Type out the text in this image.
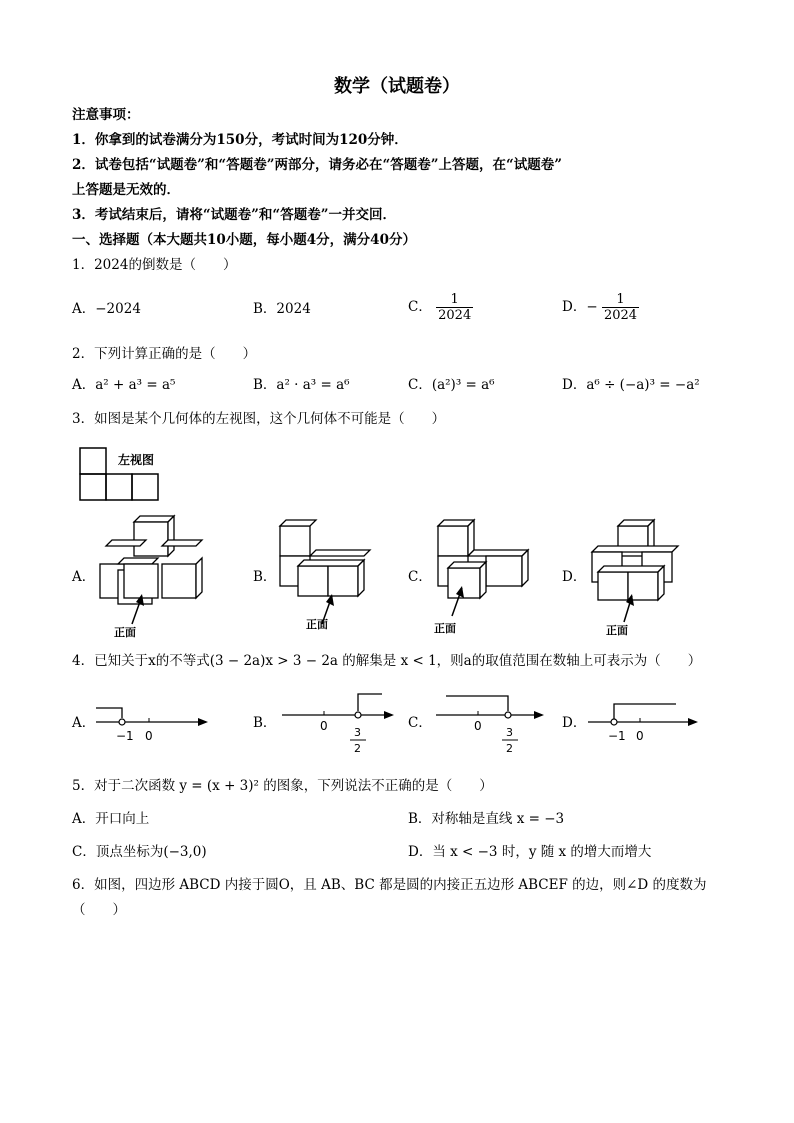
数学（试题卷）
注意事项：
1．你拿到的试卷满分为150分，考试时间为120分钟．
2．试卷包括“试题卷”和“答题卷”两部分，请务必在“答题卷”上答题，在“试题卷”
上答题是无效的．
3．考试结束后，请将“试题卷”和“答题卷”一并交回．
一、选择题（本大题共10小题，每小题4分，满分40分）
1．2024的倒数是（　　）
A．−2024	B．2024	C． $\frac{1}{2024}$	D．− $\frac{1}{2024}$
2．下列计算正确的是（　　）
A．a² + a³ = a⁵	B．a² · a³ = a⁶	C．(a²)³ = a⁶	D．a⁶ ÷ (−a)³ = −a²
3．如图是某个几何体的左视图，这个几何体不可能是（　　）
左视图
A．	B．	C．	D．
正面
正面	正面	正面
4．已知关于x的不等式(3 − 2a)x > 3 − 2a 的解集是 x < 1，则a的取值范围在数轴上可表示为（　　）
A．	B．	C．	D．
−1 0
0 3
2
0 3
2
−1 0
5．对于二次函数 y = (x + 3)² 的图象，下列说法不正确的是（　　）
A．开口向上	B．对称轴是直线 x = −3
C．顶点坐标为(−3,0)	D．当 x < −3 时，y 随 x 的增大而增大
6．如图，四边形 ABCD 内接于圆O，且 AB、BC 都是圆的内接正五边形 ABCEF 的边，则∠D 的度数为
（　　）
